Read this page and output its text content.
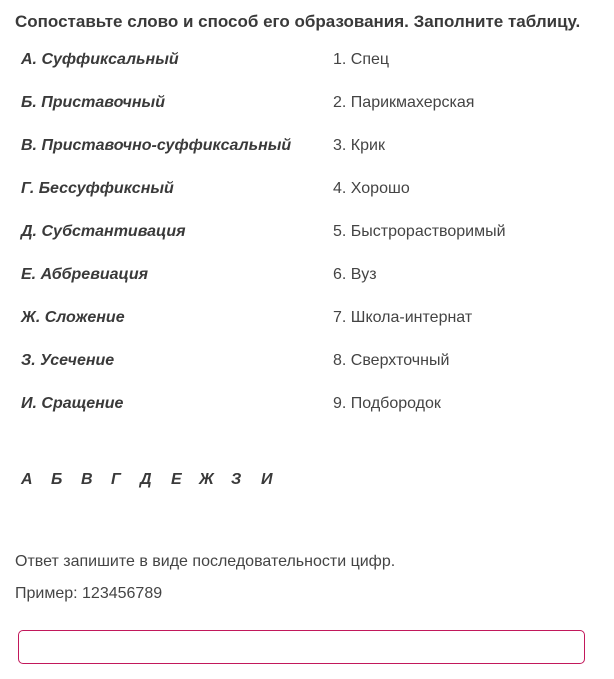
Сопоставьте слово и способ его образования. Заполните таблицу.
А. Суффиксальный	1. Спец
Б. Приставочный	2. Парикмахерская
В. Приставочно-суффиксальный	3. Крик
Г. Бессуффиксный	4. Хорошо
Д. Субстантивация	5. Быстрорастворимый
Е. Аббревиация	6. Вуз
Ж. Сложение	7. Школа-интернат
З. Усечение	8. Сверхточный
И. Сращение	9. Подбородок
А Б В Г Д Е Ж З И
Ответ запишите в виде последовательности цифр.
Пример: 123456789
